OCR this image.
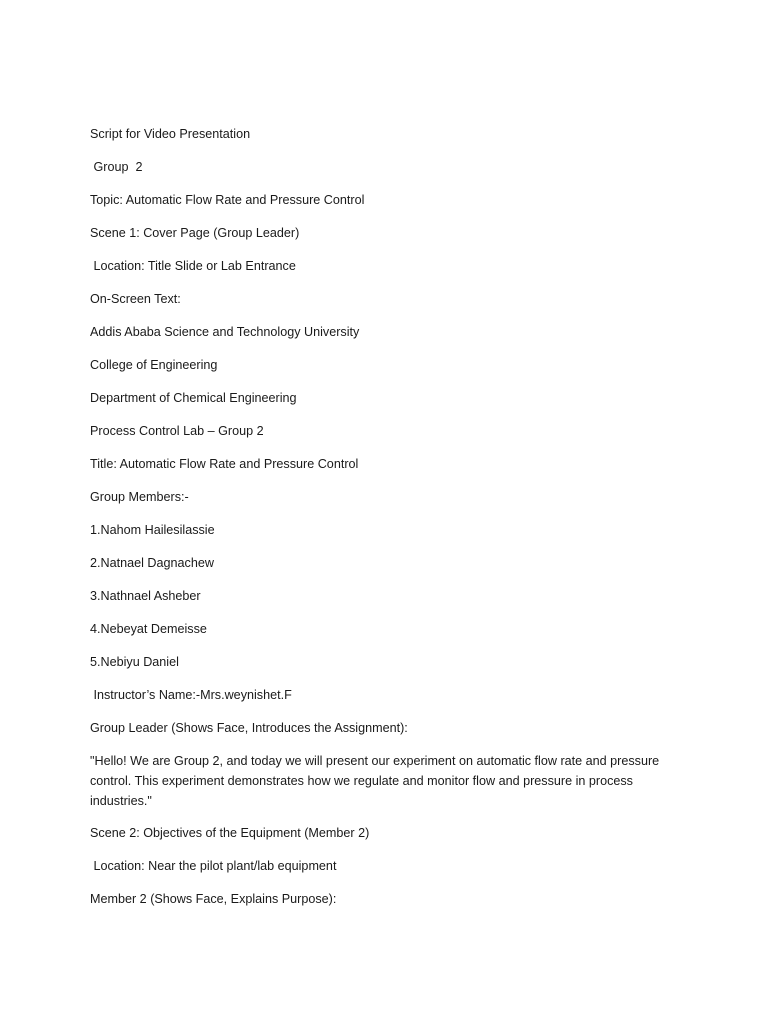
Script for Video Presentation
Group  2
Topic: Automatic Flow Rate and Pressure Control
Scene 1: Cover Page (Group Leader)
Location: Title Slide or Lab Entrance
On-Screen Text:
Addis Ababa Science and Technology University
College of Engineering
Department of Chemical Engineering
Process Control Lab – Group 2
Title: Automatic Flow Rate and Pressure Control
Group Members:-
1.Nahom Hailesilassie
2.Natnael Dagnachew
3.Nathnael Asheber
4.Nebeyat Demeisse
5.Nebiyu Daniel
Instructor’s Name:-Mrs.weynishet.F
Group Leader (Shows Face, Introduces the Assignment):
"Hello! We are Group 2, and today we will present our experiment on automatic flow rate and pressure control. This experiment demonstrates how we regulate and monitor flow and pressure in process industries."
Scene 2: Objectives of the Equipment (Member 2)
Location: Near the pilot plant/lab equipment
Member 2 (Shows Face, Explains Purpose):
